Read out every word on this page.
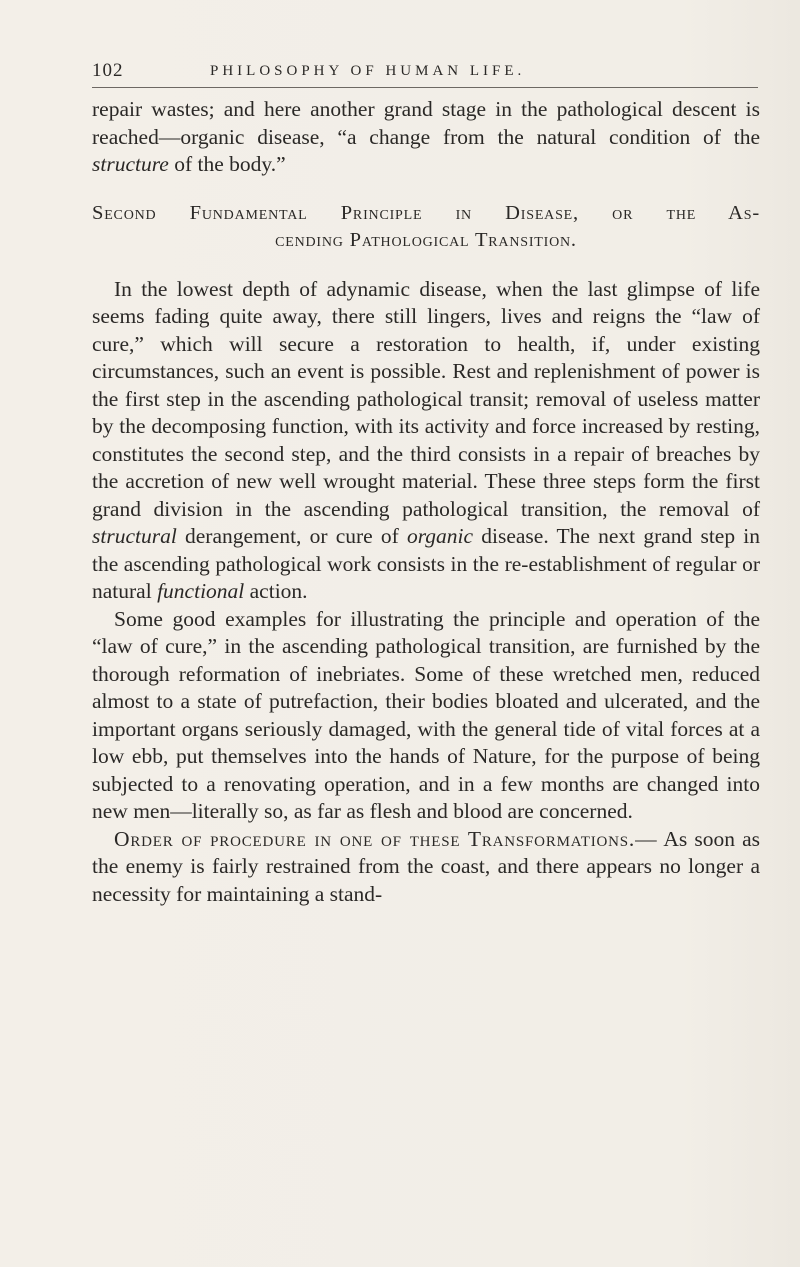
102	PHILOSOPHY OF HUMAN LIFE.

repair wastes; and here another grand stage in the pathological descent is reached—organic disease, “a change from the natural condition of the structure of the body.”

Second Fundamental Principle in Disease, or the As-
cending Pathological Transition.

In the lowest depth of adynamic disease, when the last glimpse of life seems fading quite away, there still lingers, lives and reigns the “law of cure,” which will secure a restoration to health, if, under existing circumstances, such an event is possible. Rest and replenishment of power is the first step in the ascending pathological transit; removal of useless matter by the decomposing function, with its activity and force increased by resting, constitutes the second step, and the third consists in a repair of breaches by the accretion of new well wrought material. These three steps form the first grand division in the ascending pathological transition, the removal of structural derangement, or cure of organic disease. The next grand step in the ascending pathological work consists in the re-establishment of regular or natural functional action.

Some good examples for illustrating the principle and operation of the “law of cure,” in the ascending pathological transition, are furnished by the thorough reformation of inebriates. Some of these wretched men, reduced almost to a state of putrefaction, their bodies bloated and ulcerated, and the important organs seriously damaged, with the general tide of vital forces at a low ebb, put themselves into the hands of Nature, for the purpose of being subjected to a renovating operation, and in a few months are changed into new men—literally so, as far as flesh and blood are concerned.

Order of procedure in one of these Transformations.— As soon as the enemy is fairly restrained from the coast, and there appears no longer a necessity for maintaining a stand-
